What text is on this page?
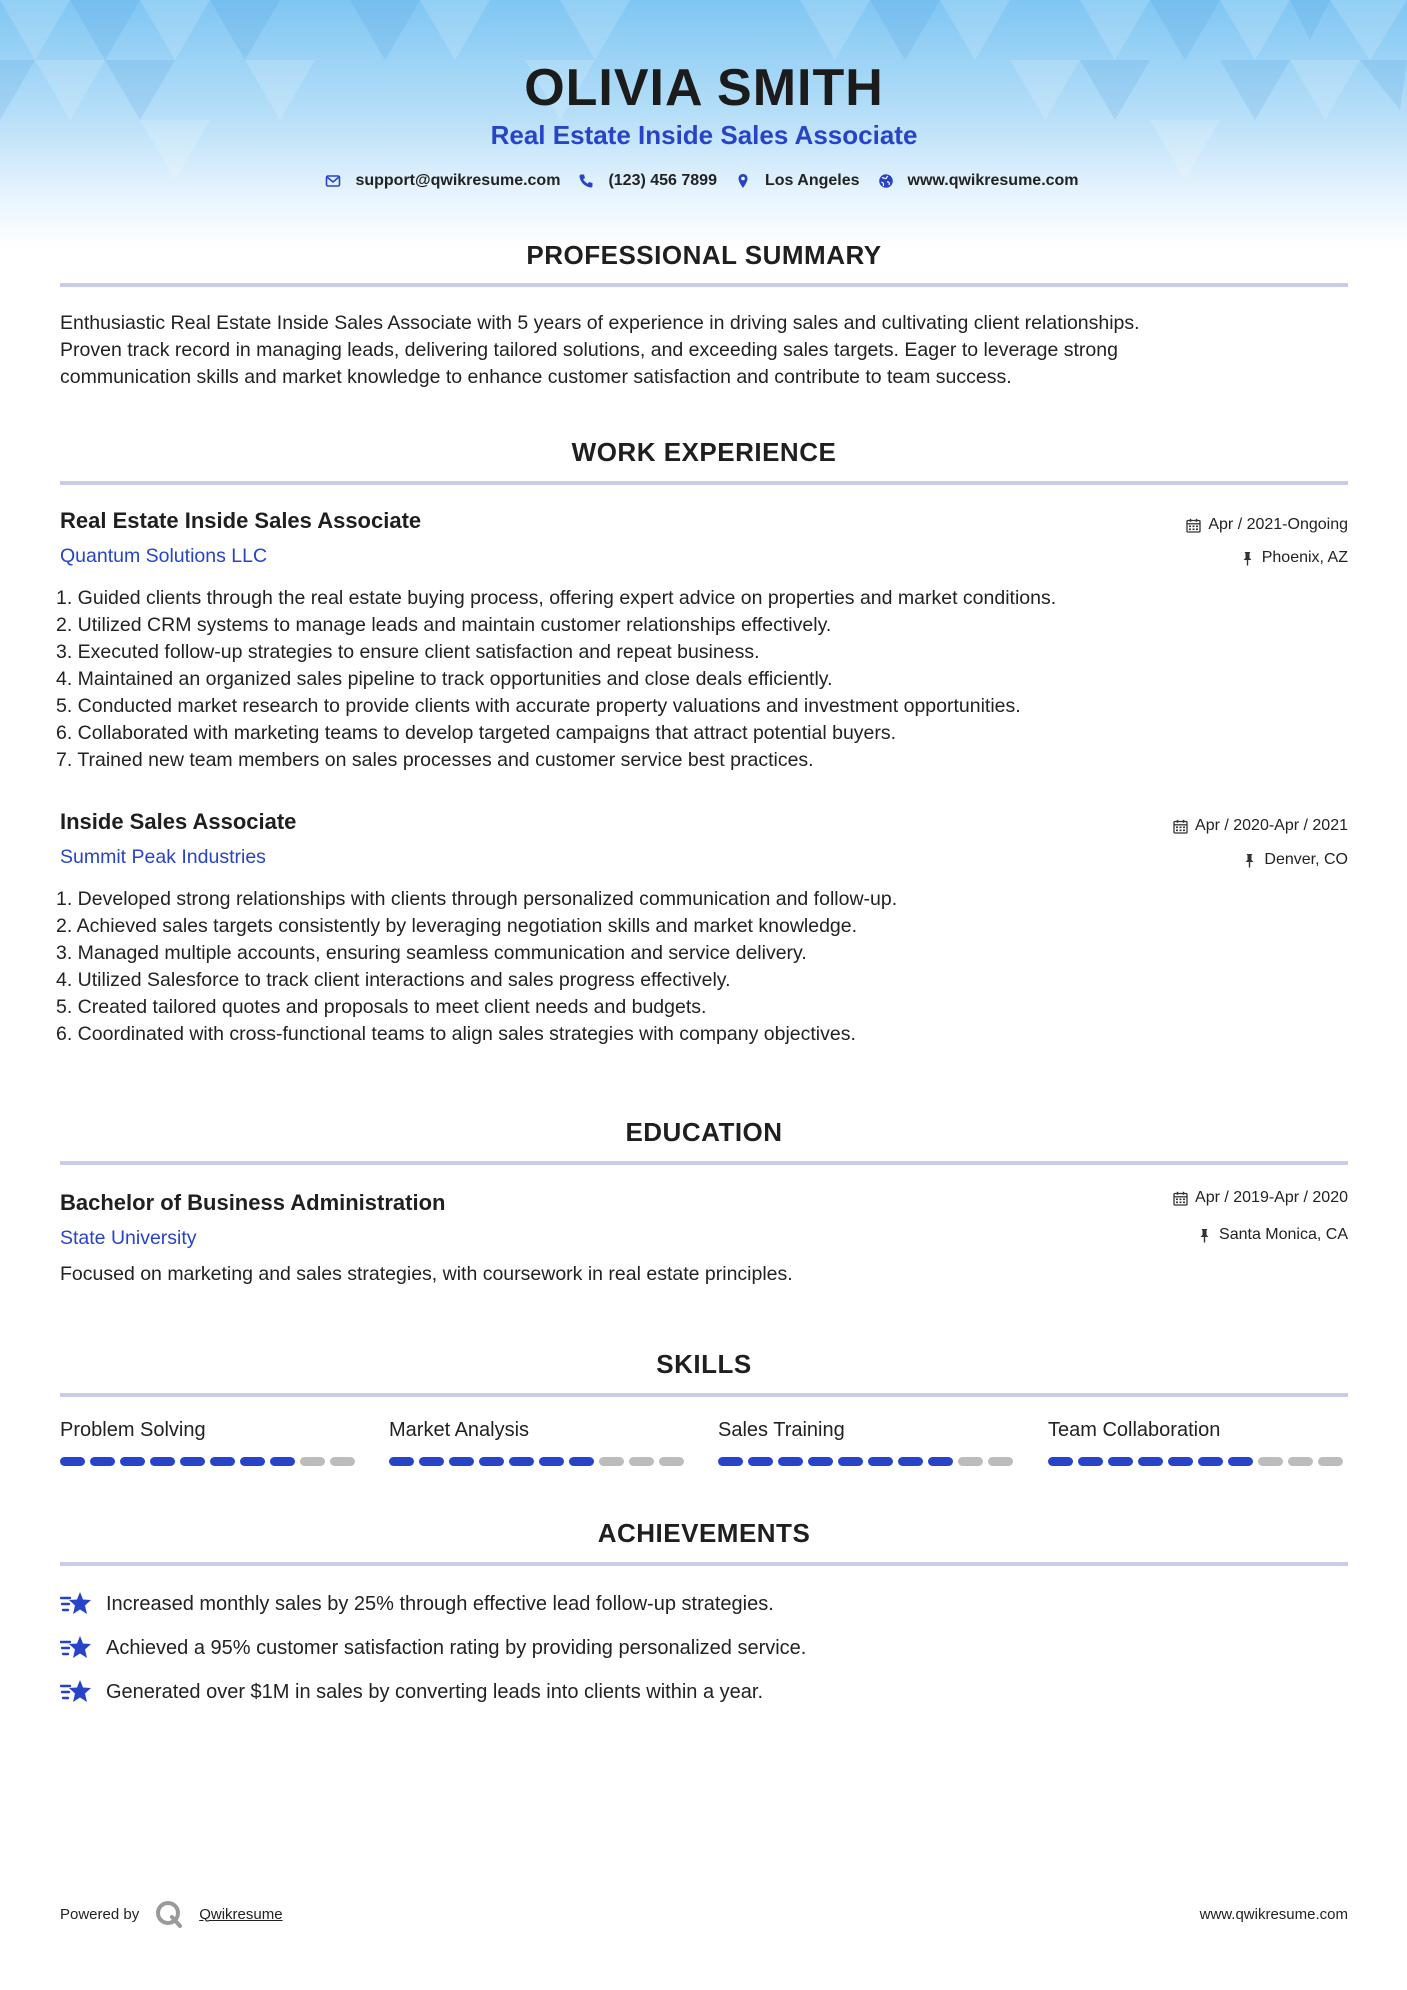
OLIVIA SMITH
Real Estate Inside Sales Associate
support@qwikresume.com	(123) 456 7899	Los Angeles	www.qwikresume.com
PROFESSIONAL SUMMARY
Enthusiastic Real Estate Inside Sales Associate with 5 years of experience in driving sales and cultivating client relationships.
Proven track record in managing leads, delivering tailored solutions, and exceeding sales targets. Eager to leverage strong
communication skills and market knowledge to enhance customer satisfaction and contribute to team success.
WORK EXPERIENCE
Real Estate Inside Sales Associate
Quantum Solutions LLC
Apr / 2021-Ongoing
Phoenix, AZ
1. Guided clients through the real estate buying process, offering expert advice on properties and market conditions.
2. Utilized CRM systems to manage leads and maintain customer relationships effectively.
3. Executed follow-up strategies to ensure client satisfaction and repeat business.
4. Maintained an organized sales pipeline to track opportunities and close deals efficiently.
5. Conducted market research to provide clients with accurate property valuations and investment opportunities.
6. Collaborated with marketing teams to develop targeted campaigns that attract potential buyers.
7. Trained new team members on sales processes and customer service best practices.
Inside Sales Associate
Summit Peak Industries
Apr / 2020-Apr / 2021
Denver, CO
1. Developed strong relationships with clients through personalized communication and follow-up.
2. Achieved sales targets consistently by leveraging negotiation skills and market knowledge.
3. Managed multiple accounts, ensuring seamless communication and service delivery.
4. Utilized Salesforce to track client interactions and sales progress effectively.
5. Created tailored quotes and proposals to meet client needs and budgets.
6. Coordinated with cross-functional teams to align sales strategies with company objectives.
EDUCATION
Bachelor of Business Administration
State University
Apr / 2019-Apr / 2020
Santa Monica, CA
Focused on marketing and sales strategies, with coursework in real estate principles.
SKILLS
Problem Solving	Market Analysis	Sales Training	Team Collaboration
ACHIEVEMENTS
Increased monthly sales by 25% through effective lead follow-up strategies.
Achieved a 95% customer satisfaction rating by providing personalized service.
Generated over $1M in sales by converting leads into clients within a year.
Powered by	Qwikresume	www.qwikresume.com
